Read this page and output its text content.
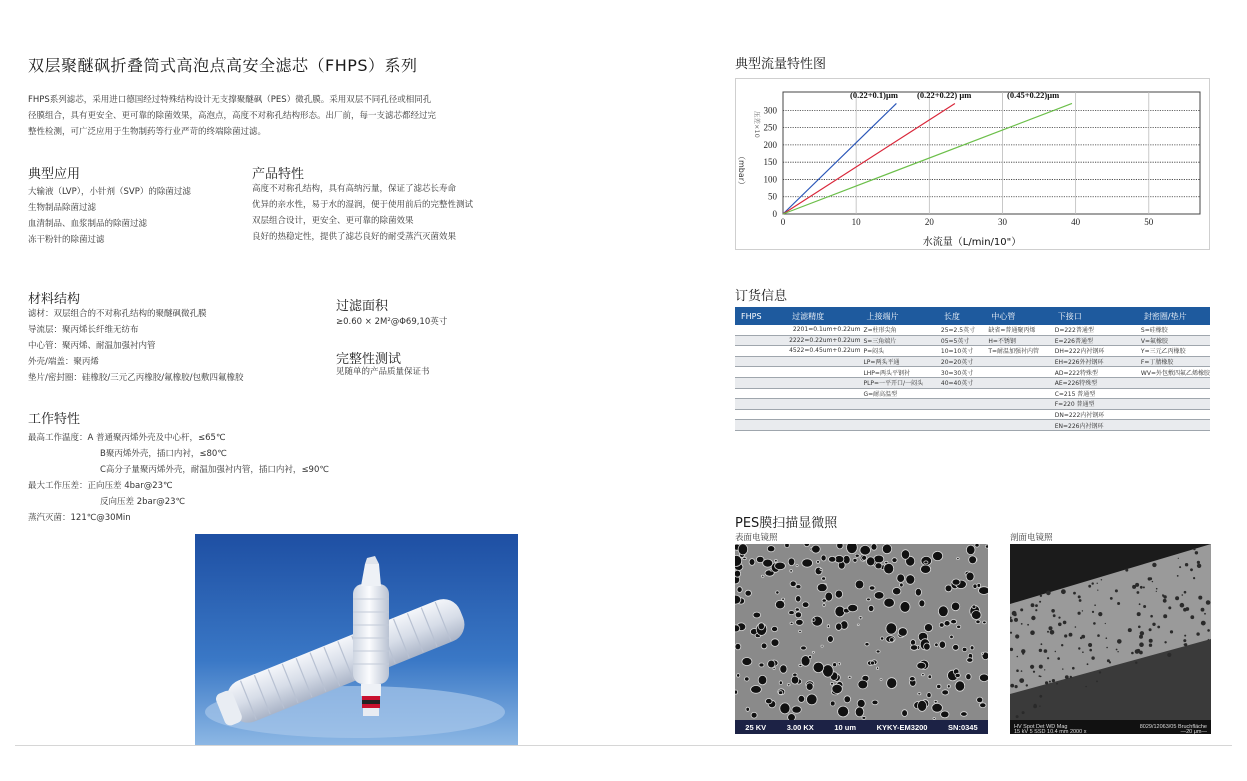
双层聚醚砜折叠筒式高泡点高安全滤芯（FHPS）系列
FHPS系列滤芯，采用进口德国经过特殊结构设计无支撑聚醚砜（PES）微孔膜。采用双层不同孔径或相同孔
径膜组合，具有更安全、更可靠的除菌效果，高泡点，高度不对称孔结构形态。出厂前，每一支滤芯都经过完
整性检测，可广泛应用于生物制药等行业严苛的终端除菌过滤。
典型应用
大输液（LVP），小针剂（SVP）的除菌过滤
生物制品除菌过滤
血清制品、血浆制品的除菌过滤
冻干粉针的除菌过滤
产品特性
高度不对称孔结构，具有高纳污量，保证了滤芯长寿命
优异的亲水性，易于水的湿润，便于使用前后的完整性测试
双层组合设计，更安全、更可靠的除菌效果
良好的热稳定性，提供了滤芯良好的耐受蒸汽灭菌效果
材料结构
滤材：双层组合的不对称孔结构的聚醚砜微孔膜
导流层：聚丙烯长纤维无纺布
中心管：聚丙烯、耐温加强衬内管
外壳/端盖：聚丙烯
垫片/密封圈：硅橡胶/三元乙丙橡胶/氟橡胶/包敷四氟橡胶
过滤面积
≥0.60 × 2M²@Φ69,10英寸
完整性测试
见随单的产品质量保证书
工作特性
最高工作温度：A 普通聚丙烯外壳及中心杆，≤65℃
B聚丙烯外壳，插口内衬，≤80℃
C高分子量聚丙烯外壳，耐温加强衬内管，插口内衬，≤90℃
最大工作压差：正向压差 4bar@23℃
反向压差 2bar@23℃
蒸汽灭菌：121℃@30Min
典型流量特性图
0
50
100
150
200
250
300
0	10	20	30	40	50
(0.22+0.1)μm (0.22+0.22) μm	(0.45+0.22)μm
压差×10
（mbar）
水流量（L/min/10"）
订货信息
FHPS	过滤精度	上接端片	长度	中心管	下接口	封密圈/垫片
	2201=0.1um+0.22um	Z=柱形尖角	25=2.5英寸	缺省=普通聚丙烯	D=222普通型	S=硅橡胶
	2222=0.22um+0.22um	S=三角端片	05=5英寸	H=不锈钢	E=226普通型	V=氟橡胶
	4522=0.45um+0.22um	P=闷头	10=10英寸	T=耐温加强衬内管	DH=222内衬钢环	Y=三元乙丙橡胶
		LP=两头平通	20=20英寸		EH=226外衬钢环	F=丁腈橡胶
		LHP=两头平钢衬	30=30英寸		AD=222特殊型	WV=外包敷四氟乙烯橡胶
		PLP=一平开口/一闷头	40=40英寸		AE=226特殊型	
		G=耐高温型			C=215 普通型	
					F=220 普通型	
					DN=222内衬钢环	
					EN=226内衬钢环	
PES膜扫描显微照
表面电镜照	剖面电镜照
25 KV	3.00 KX	10 um	KYKY-EM3200	SN:0345	HV Spot Det WD Mag	8029/12063/05 Bruchfläche
15 kV 5 SSD 10.4 mm 2000 x	—20 μm—
